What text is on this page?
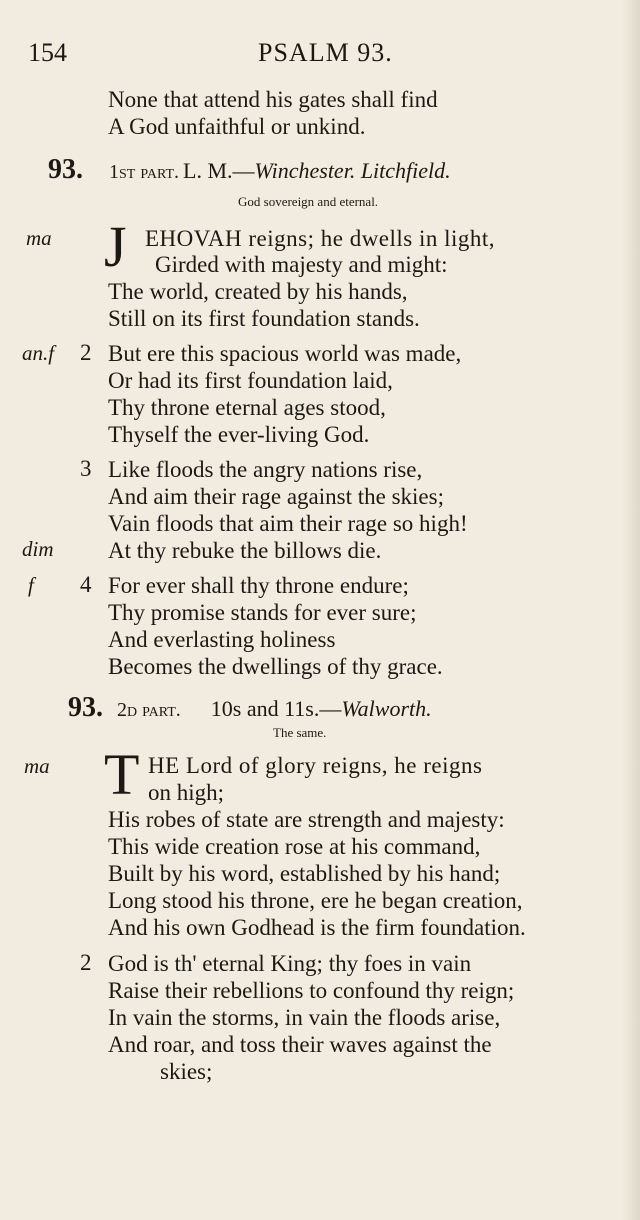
154	PSALM 93.
None that attend his gates shall find
A God unfaithful or unkind.
93. 1st part. L. M.—Winchester. Litchfield.
God sovereign and eternal.
ma J EHOVAH reigns; he dwells in light,
Girded with majesty and might:
The world, created by his hands,
Still on its first foundation stands.
an.f 2 But ere this spacious world was made,
Or had its first foundation laid,
Thy throne eternal ages stood,
Thyself the ever-living God.
3 Like floods the angry nations rise,
And aim their rage against the skies;
Vain floods that aim their rage so high!
dim At thy rebuke the billows die.
f 4 For ever shall thy throne endure;
Thy promise stands for ever sure;
And everlasting holiness
Becomes the dwellings of thy grace.
93. 2d part. 10s and 11s.—Walworth.
The same.
ma T HE Lord of glory reigns, he reigns
on high;
His robes of state are strength and majesty:
This wide creation rose at his command,
Built by his word, established by his hand;
Long stood his throne, ere he began creation,
And his own Godhead is the firm foundation.
2 God is th' eternal King; thy foes in vain
Raise their rebellions to confound thy reign;
In vain the storms, in vain the floods arise,
And roar, and toss their waves against the
skies;
